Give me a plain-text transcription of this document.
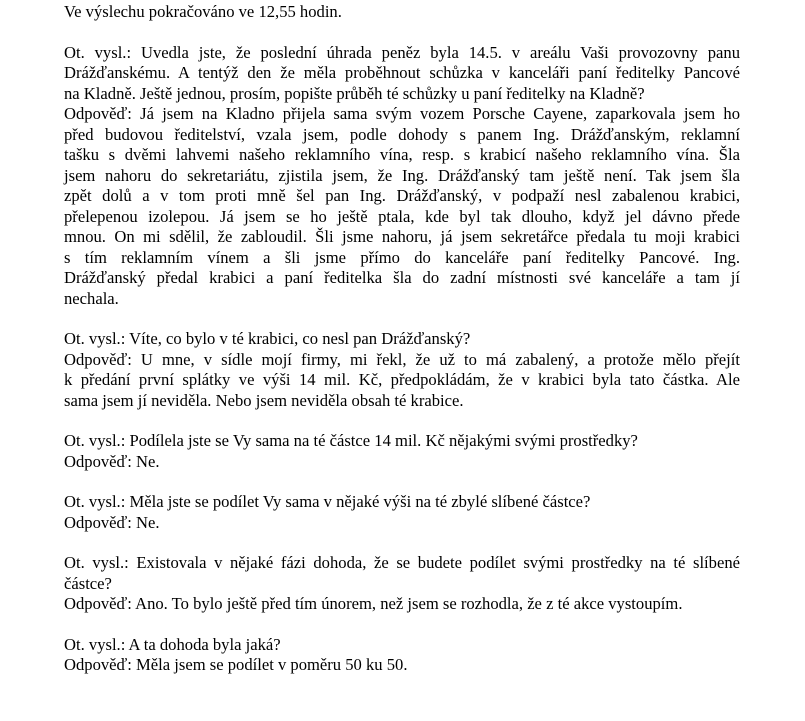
Ve výslechu pokračováno ve 12,55 hodin.

Ot. vysl.: Uvedla jste, že poslední úhrada peněz byla 14.5. v areálu Vaši provozovny panu
Drážďanskému. A tentýž den že měla proběhnout schůzka v kanceláři paní ředitelky Pancové
na Kladně. Ještě jednou, prosím, popište průběh té schůzky u paní ředitelky na Kladně?
Odpověď: Já jsem na Kladno přijela sama svým vozem Porsche Cayene, zaparkovala jsem ho
před budovou ředitelství, vzala jsem, podle dohody s panem Ing. Drážďanským, reklamní
tašku s dvěmi lahvemi našeho reklamního vína, resp. s krabicí našeho reklamního vína. Šla
jsem nahoru do sekretariátu, zjistila jsem, že Ing. Drážďanský tam ještě není. Tak jsem šla
zpět dolů a v tom proti mně šel pan Ing. Drážďanský, v podpaží nesl zabalenou krabici,
přelepenou izolepou. Já jsem se ho ještě ptala, kde byl tak dlouho, když jel dávno přede
mnou. On mi sdělil, že zabloudil. Šli jsme nahoru, já jsem sekretářce předala tu moji krabici
s tím reklamním vínem a šli jsme přímo do kanceláře paní ředitelky Pancové. Ing.
Drážďanský předal krabici a paní ředitelka šla do zadní místnosti své kanceláře a tam jí
nechala.

Ot. vysl.: Víte, co bylo v té krabici, co nesl pan Drážďanský?
Odpověď: U mne, v sídle mojí firmy, mi řekl, že už to má zabalený, a protože mělo přejít
k předání první splátky ve výši 14 mil. Kč, předpokládám, že v krabici byla tato částka. Ale
sama jsem jí neviděla. Nebo jsem neviděla obsah té krabice.

Ot. vysl.: Podílela jste se Vy sama na té částce 14 mil. Kč nějakými svými prostředky?
Odpověď: Ne.

Ot. vysl.: Měla jste se podílet Vy sama v nějaké výši na té zbylé slíbené částce?
Odpověď: Ne.

Ot. vysl.: Existovala v nějaké fázi dohoda, že se budete podílet svými prostředky na té slíbené
částce?
Odpověď: Ano. To bylo ještě před tím únorem, než jsem se rozhodla, že z té akce vystoupím.

Ot. vysl.: A ta dohoda byla jaká?
Odpověď: Měla jsem se podílet v poměru 50 ku 50.
